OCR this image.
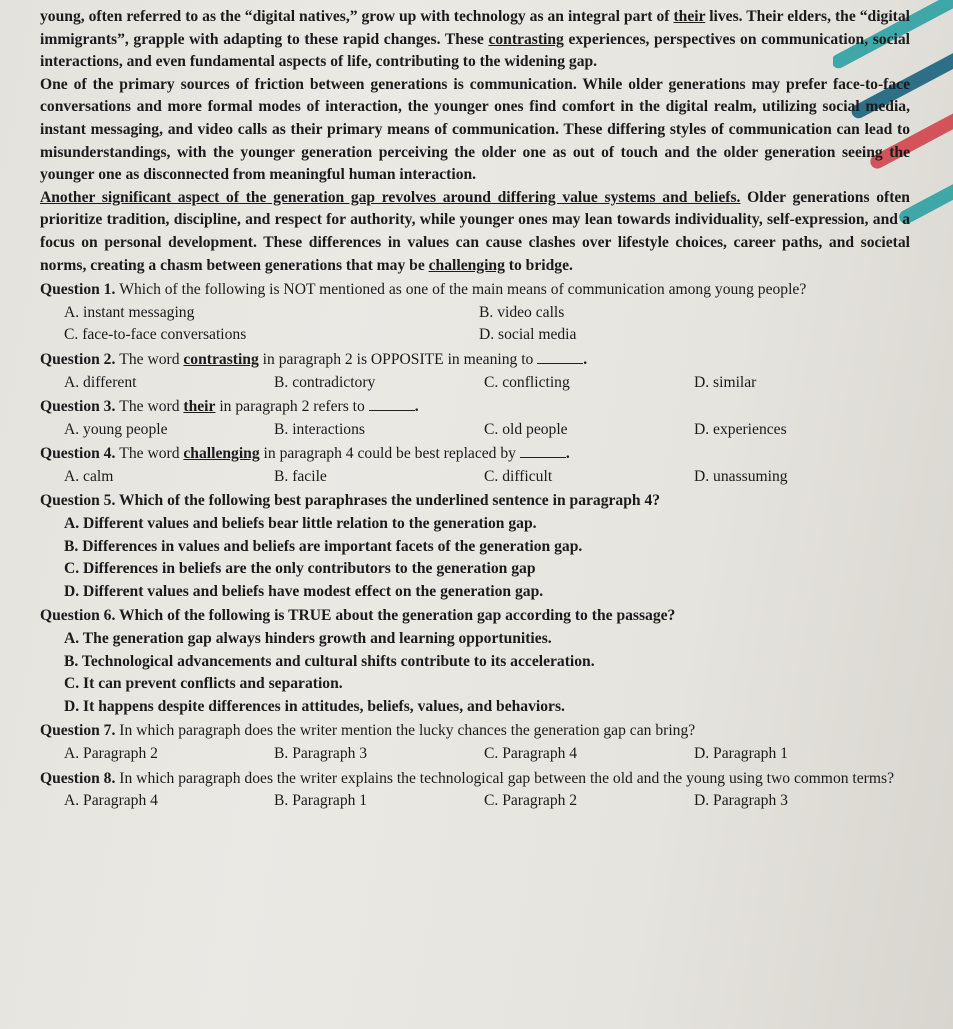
young, often referred to as the “digital natives,” grow up with technology as an integral part of their lives. Their elders, the “digital immigrants”, grapple with adapting to these rapid changes. These contrasting experiences, perspectives on communication, social interactions, and even fundamental aspects of life, contributing to the widening gap.

One of the primary sources of friction between generations is communication. While older generations may prefer face-to-face conversations and more formal modes of interaction, the younger ones find comfort in the digital realm, utilizing social media, instant messaging, and video calls as their primary means of communication. These differing styles of communication can lead to misunderstandings, with the younger generation perceiving the older one as out of touch and the older generation seeing the younger one as disconnected from meaningful human interaction.

Another significant aspect of the generation gap revolves around differing value systems and beliefs. Older generations often prioritize tradition, discipline, and respect for authority, while younger ones may lean towards individuality, self-expression, and a focus on personal development. These differences in values can cause clashes over lifestyle choices, career paths, and societal norms, creating a chasm between generations that may be challenging to bridge.

Question 1. Which of the following is NOT mentioned as one of the main means of communication among young people?
A. instant messaging	B. video calls
C. face-to-face conversations	D. social media
Question 2. The word contrasting in paragraph 2 is OPPOSITE in meaning to	.
A. different	B. contradictory	C. conflicting	D. similar
Question 3. The word their in paragraph 2 refers to	.
A. young people	B. interactions	C. old people	D. experiences
Question 4. The word challenging in paragraph 4 could be best replaced by	.
A. calm	B. facile	C. difficult	D. unassuming
Question 5. Which of the following best paraphrases the underlined sentence in paragraph 4?
A. Different values and beliefs bear little relation to the generation gap.
B. Differences in values and beliefs are important facets of the generation gap.
C. Differences in beliefs are the only contributors to the generation gap
D. Different values and beliefs have modest effect on the generation gap.
Question 6. Which of the following is TRUE about the generation gap according to the passage?
A. The generation gap always hinders growth and learning opportunities.
B. Technological advancements and cultural shifts contribute to its acceleration.
C. It can prevent conflicts and separation.
D. It happens despite differences in attitudes, beliefs, values, and behaviors.
Question 7. In which paragraph does the writer mention the lucky chances the generation gap can bring?
A. Paragraph 2	B. Paragraph 3	C. Paragraph 4	D. Paragraph 1
Question 8. In which paragraph does the writer explains the technological gap between the old and the young using two common terms?
A. Paragraph 4	B. Paragraph 1	C. Paragraph 2	D. Paragraph 3
